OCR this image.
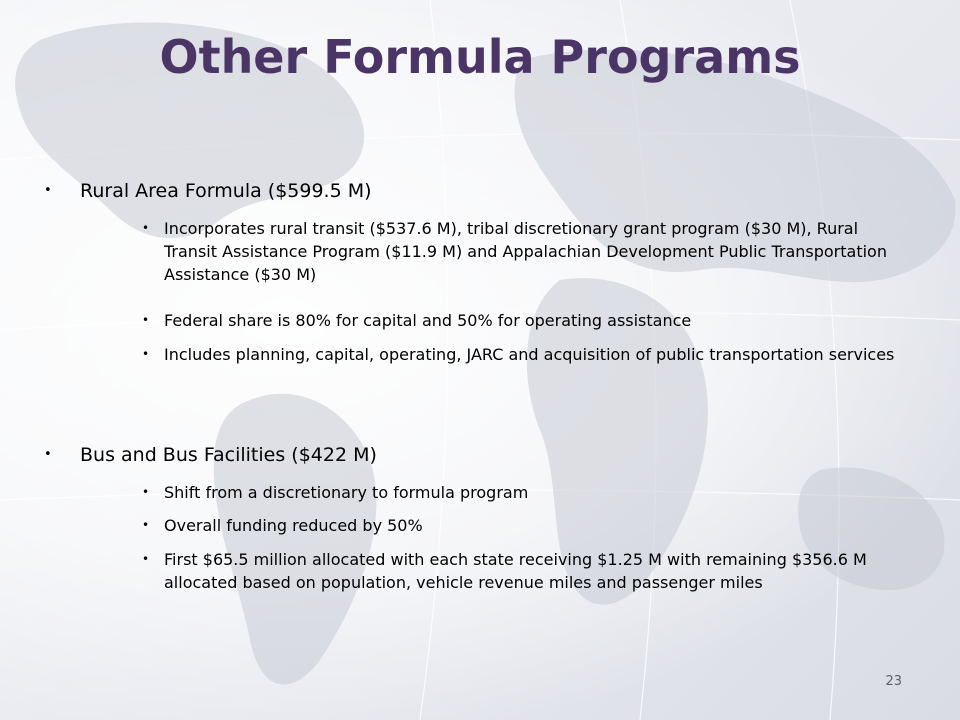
Other Formula Programs
• Rural Area Formula ($599.5 M)
• Incorporates rural transit ($537.6 M), tribal discretionary grant program ($30 M), Rural Transit Assistance Program ($11.9 M) and Appalachian Development Public Transportation Assistance ($30 M)
• Federal share is 80% for capital and 50% for operating assistance
• Includes planning, capital, operating, JARC and acquisition of public transportation services
• Bus and Bus Facilities ($422 M)
• Shift from a discretionary to formula program
• Overall funding reduced by 50%
• First $65.5 million allocated with each state receiving $1.25 M with remaining $356.6 M allocated based on population, vehicle revenue miles and passenger miles
23
